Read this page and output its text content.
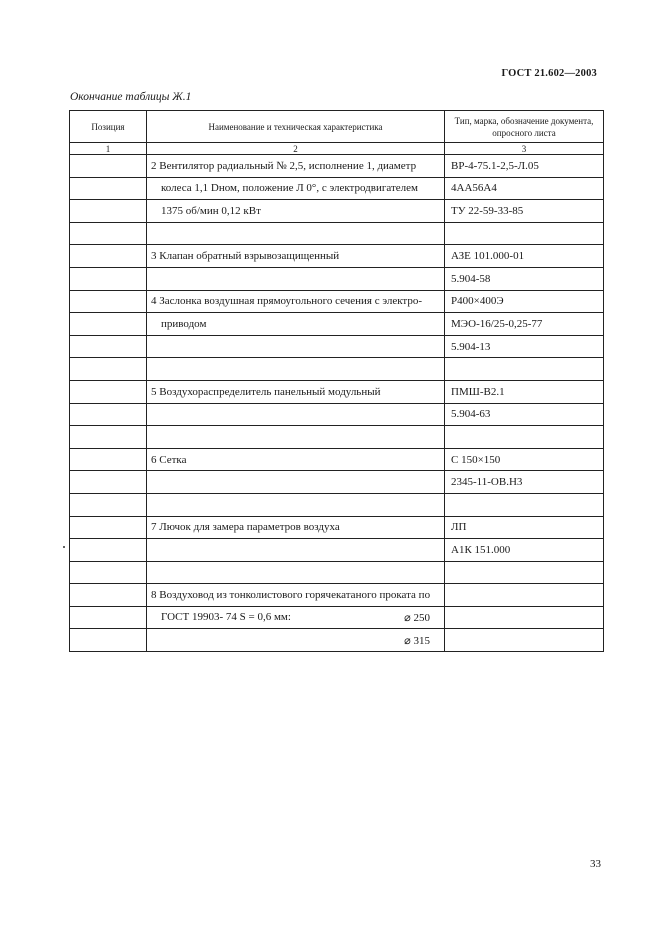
ГОСТ 21.602—2003
Окончание таблицы Ж.1
Позиция	Наименование и техническая характеристика	Тип, марка, обозначение документа, опросного листа
1	2	3
	2 Вентилятор радиальный № 2,5, исполнение 1, диаметр	ВР-4-75.1-2,5-Л.05
	колеса 1,1 Dном, положение Л 0°, с электродвигателем	4АА56А4
	1375 об/мин 0,12 кВт	ТУ 22-59-33-85

	3 Клапан обратный взрывозащищенный	АЗЕ 101.000-01
		5.904-58
	4 Заслонка воздушная прямоугольного сечения с электро-	Р400×400Э
	приводом	МЭО-16/25-0,25-77
		5.904-13

	5 Воздухораспределитель панельный модульный	ПМШ-В2.1
		5.904-63

	6 Сетка	С 150×150
		2345-11-ОВ.Н3

	7 Лючок для замера параметров воздуха	ЛП
		А1К 151.000

	8 Воздуховод из тонколистового горячекатаного проката по	

	ГОСТ 19903- 74 S = 0,6 мм: ⌀ 250	

	⌀ 315	

33
